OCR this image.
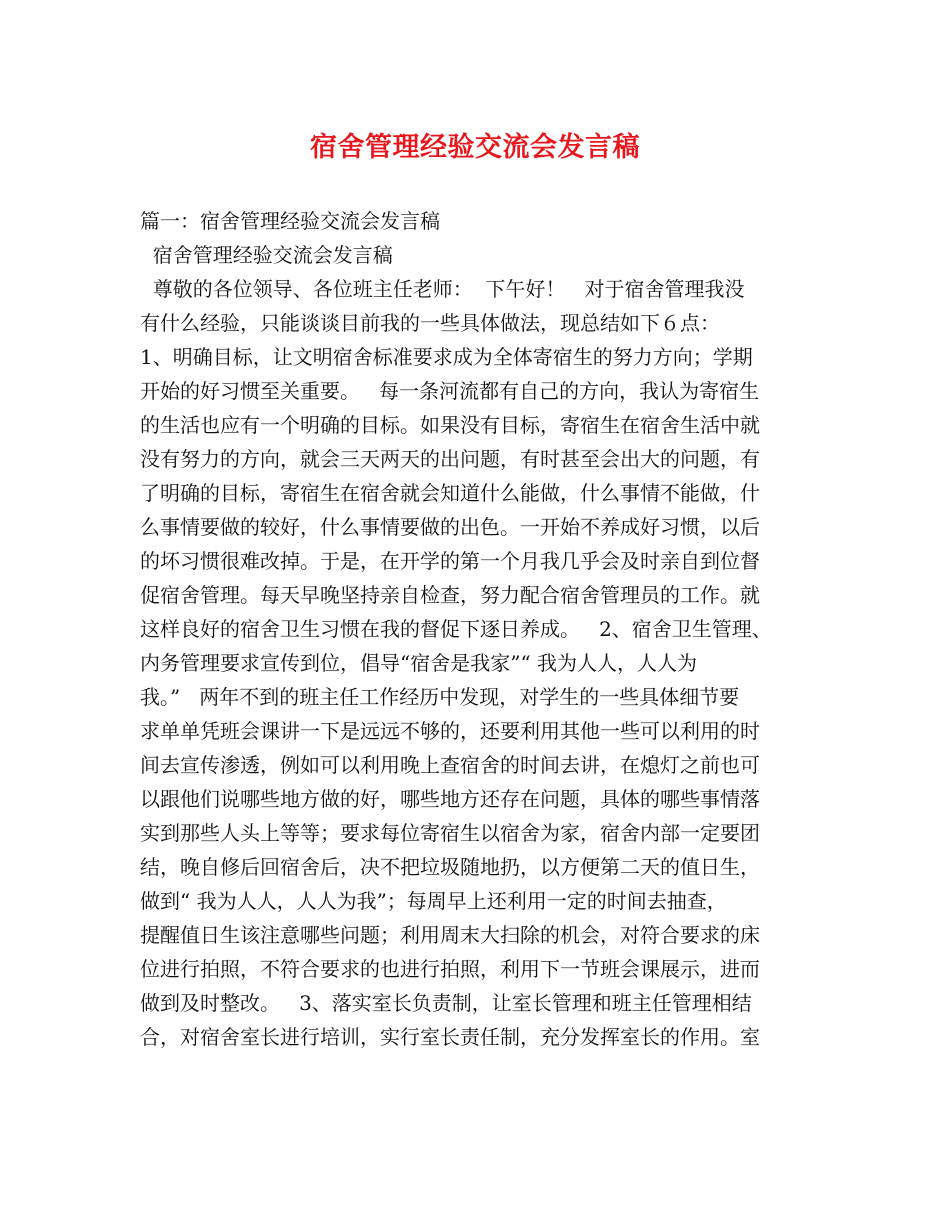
宿舍管理经验交流会发言稿
篇一：宿舍管理经验交流会发言稿
宿舍管理经验交流会发言稿
尊敬的各位领导、各位班主任老师：  下午好！   对于宿舍管理我没
有什么经验，只能谈谈目前我的一些具体做法，现总结如下６点：
1、明确目标，让文明宿舍标准要求成为全体寄宿生的努力方向；学期
开始的好习惯至关重要。   每一条河流都有自己的方向，我认为寄宿生
的生活也应有一个明确的目标。如果没有目标，寄宿生在宿舍生活中就
没有努力的方向，就会三天两天的出问题，有时甚至会出大的问题，有
了明确的目标，寄宿生在宿舍就会知道什么能做，什么事情不能做，什
么事情要做的较好，什么事情要做的出色。一开始不养成好习惯，以后
的坏习惯很难改掉。于是，在开学的第一个月我几乎会及时亲自到位督
促宿舍管理。每天早晚坚持亲自检查，努力配合宿舍管理员的工作。就
这样良好的宿舍卫生习惯在我的督促下逐日养成。   2、宿舍卫生管理、
内务管理要求宣传到位，倡导“宿舍是我家”“ 我为人人，人人为
我。”   两年不到的班主任工作经历中发现，对学生的一些具体细节要
求单单凭班会课讲一下是远远不够的，还要利用其他一些可以利用的时
间去宣传渗透，例如可以利用晚上查宿舍的时间去讲，在熄灯之前也可
以跟他们说哪些地方做的好，哪些地方还存在问题，具体的哪些事情落
实到那些人头上等等；要求每位寄宿生以宿舍为家，宿舍内部一定要团
结，晚自修后回宿舍后，决不把垃圾随地扔，以方便第二天的值日生，
做到“ 我为人人，人人为我”；每周早上还利用一定的时间去抽查，
提醒值日生该注意哪些问题；利用周末大扫除的机会，对符合要求的床
位进行拍照，不符合要求的也进行拍照，利用下一节班会课展示，进而
做到及时整改。   3、落实室长负责制，让室长管理和班主任管理相结
合，对宿舍室长进行培训，实行室长责任制，充分发挥室长的作用。室
